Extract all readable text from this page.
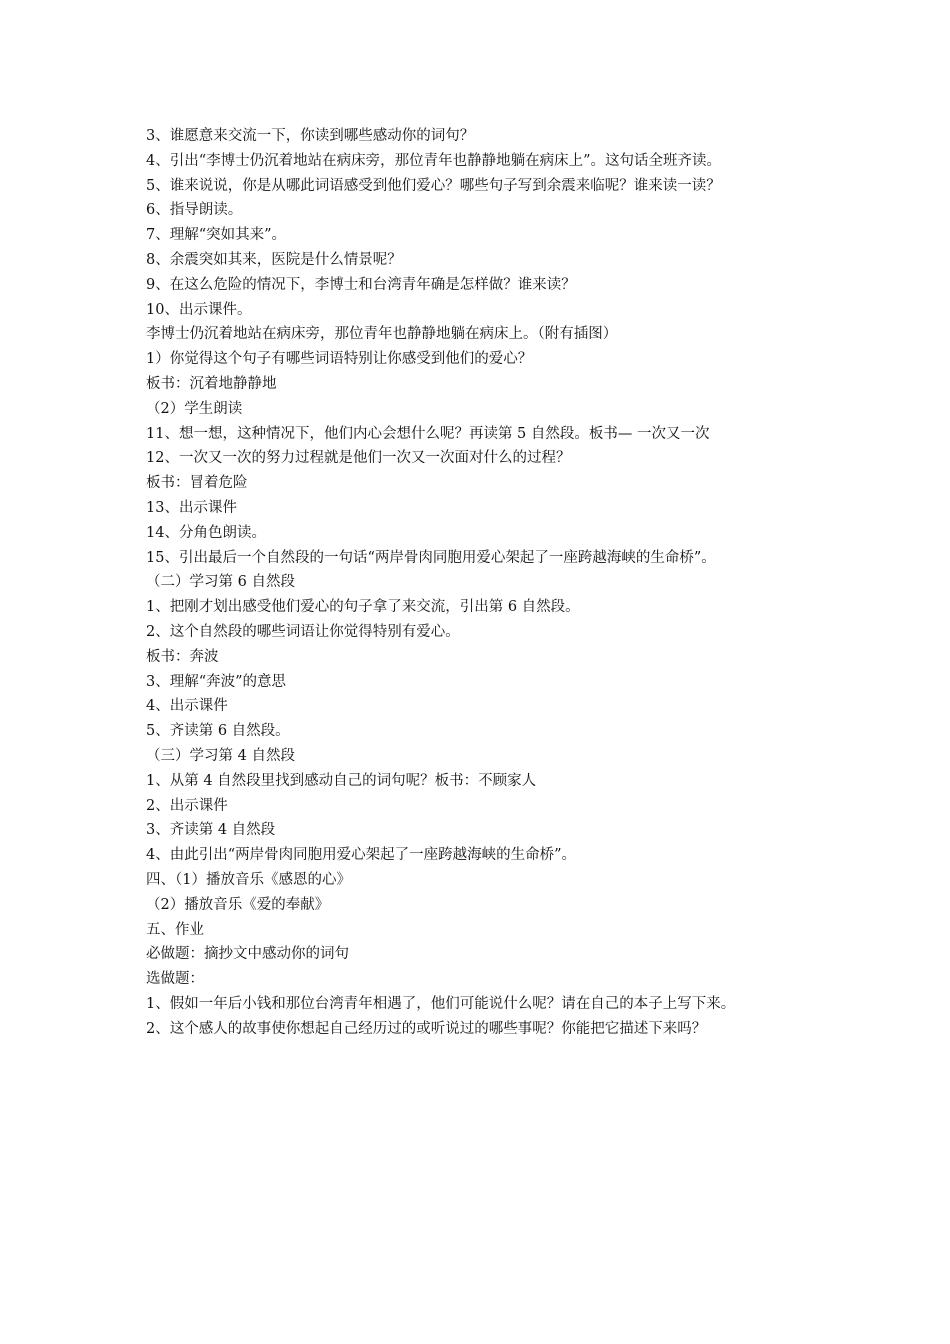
3、谁愿意来交流一下，你读到哪些感动你的词句？
4、引出“李博士仍沉着地站在病床旁，那位青年也静静地躺在病床上”。这句话全班齐读。
5、谁来说说，你是从哪此词语感受到他们爱心？哪些句子写到余震来临呢？谁来读一读？
6、指导朗读。
7、理解“突如其来”。
8、余震突如其来，医院是什么情景呢？
9、在这么危险的情况下，李博士和台湾青年确是怎样做？谁来读？
10、出示课件。
李博士仍沉着地站在病床旁，那位青年也静静地躺在病床上。（附有插图）
1）你觉得这个句子有哪些词语特别让你感受到他们的爱心？
板书：沉着地静静地
（2）学生朗读
11、想一想，这种情况下，他们内心会想什么呢？再读第 5 自然段。板书— 一次又一次
12、一次又一次的努力过程就是他们一次又一次面对什么的过程？
板书：冒着危险
13、出示课件
14、分角色朗读。
15、引出最后一个自然段的一句话“两岸骨肉同胞用爱心架起了一座跨越海峡的生命桥”。
（二）学习第 6 自然段
1、把刚才划出感受他们爱心的句子拿了来交流，引出第 6 自然段。
2、这个自然段的哪些词语让你觉得特别有爱心。
板书：奔波
3、理解“奔波”的意思
4、出示课件
5、齐读第 6 自然段。
（三）学习第 4 自然段
1、从第 4 自然段里找到感动自己的词句呢？板书：不顾家人
2、出示课件
3、齐读第 4 自然段
4、由此引出“两岸骨肉同胞用爱心架起了一座跨越海峡的生命桥”。
四、（1）播放音乐《感恩的心》
（2）播放音乐《爱的奉献》
五、作业
必做题：摘抄文中感动你的词句
选做题：
1、假如一年后小钱和那位台湾青年相遇了，他们可能说什么呢？请在自己的本子上写下来。
2、这个感人的故事使你想起自己经历过的或听说过的哪些事呢？你能把它描述下来吗？
